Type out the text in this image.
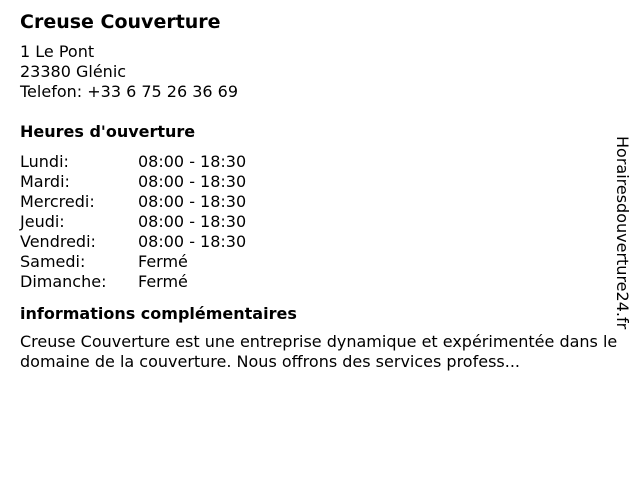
Creuse Couverture
1 Le Pont
23380 Glénic
Telefon: +33 6 75 26 36 69
Heures d'ouverture
Lundi:	08:00 - 18:30
Mardi:	08:00 - 18:30
Mercredi:	08:00 - 18:30
Jeudi:	08:00 - 18:30
Vendredi:	08:00 - 18:30
Samedi:	Fermé
Dimanche:	Fermé
informations complémentaires
Creuse Couverture est une entreprise dynamique et expérimentée dans le domaine de la couverture. Nous offrons des services profess...
Horairesdouverture24.fr
